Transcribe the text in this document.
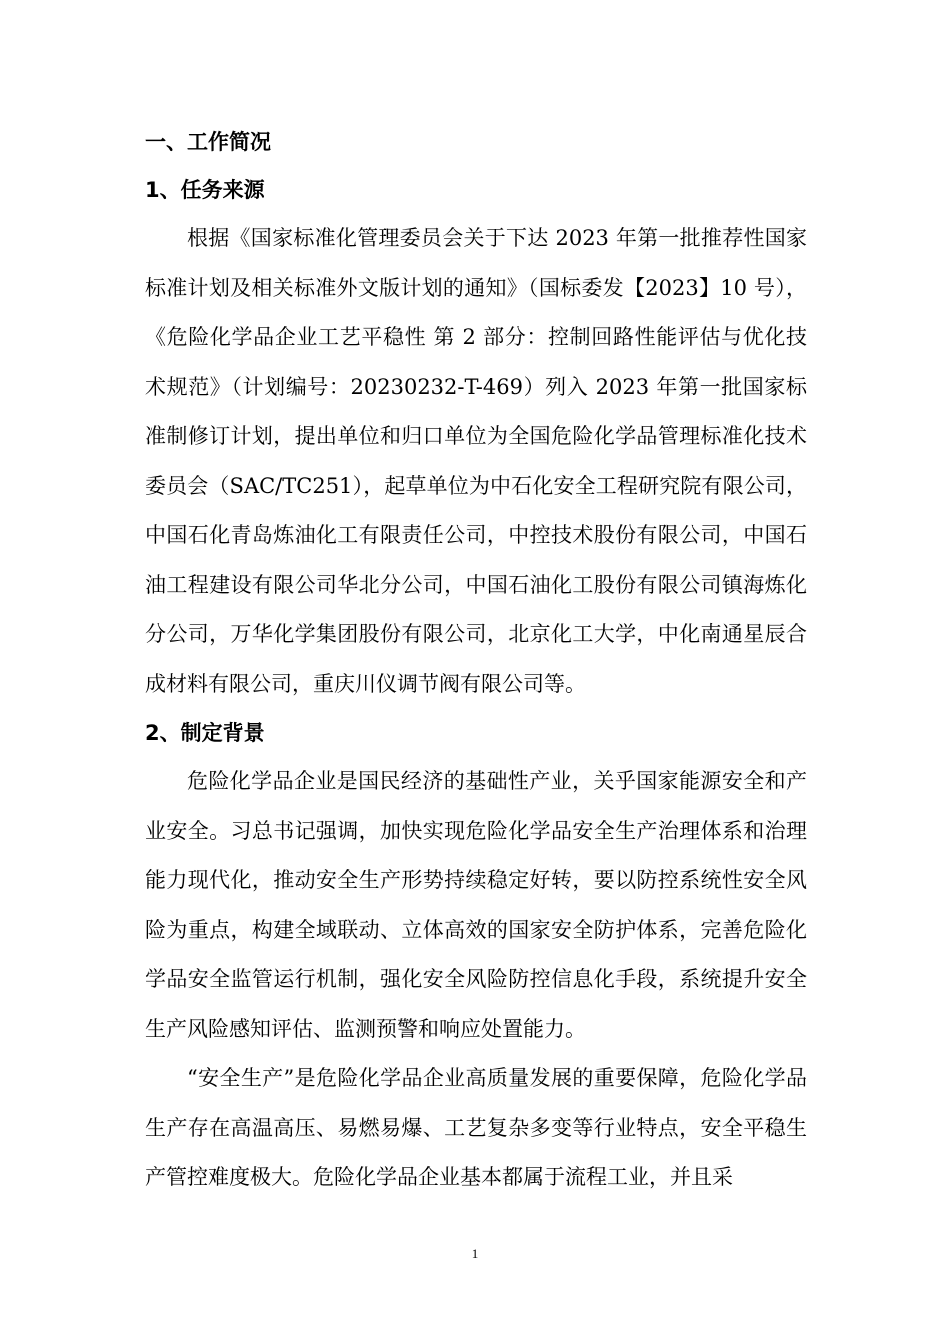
一、工作简况
1、任务来源

根据《国家标准化管理委员会关于下达 2023 年第一批推荐性国家标准计划及相关标准外文版计划的通知》（国标委发【2023】10 号），《危险化学品企业工艺平稳性 第 2 部分：控制回路性能评估与优化技术规范》（计划编号：20230232-T-469）列入 2023 年第一批国家标准制修订计划，提出单位和归口单位为全国危险化学品管理标准化技术委员会（SAC/TC251），起草单位为中石化安全工程研究院有限公司，中国石化青岛炼油化工有限责任公司，中控技术股份有限公司，中国石油工程建设有限公司华北分公司，中国石油化工股份有限公司镇海炼化分公司，万华化学集团股份有限公司，北京化工大学，中化南通星辰合成材料有限公司，重庆川仪调节阀有限公司等。

2、制定背景

危险化学品企业是国民经济的基础性产业，关乎国家能源安全和产业安全。习总书记强调，加快实现危险化学品安全生产治理体系和治理能力现代化，推动安全生产形势持续稳定好转，要以防控系统性安全风险为重点，构建全域联动、立体高效的国家安全防护体系，完善危险化学品安全监管运行机制，强化安全风险防控信息化手段，系统提升安全生产风险感知评估、监测预警和响应处置能力。

“安全生产”是危险化学品企业高质量发展的重要保障，危险化学品生产存在高温高压、易燃易爆、工艺复杂多变等行业特点，安全平稳生产管控难度极大。危险化学品企业基本都属于流程工业，并且采

1
